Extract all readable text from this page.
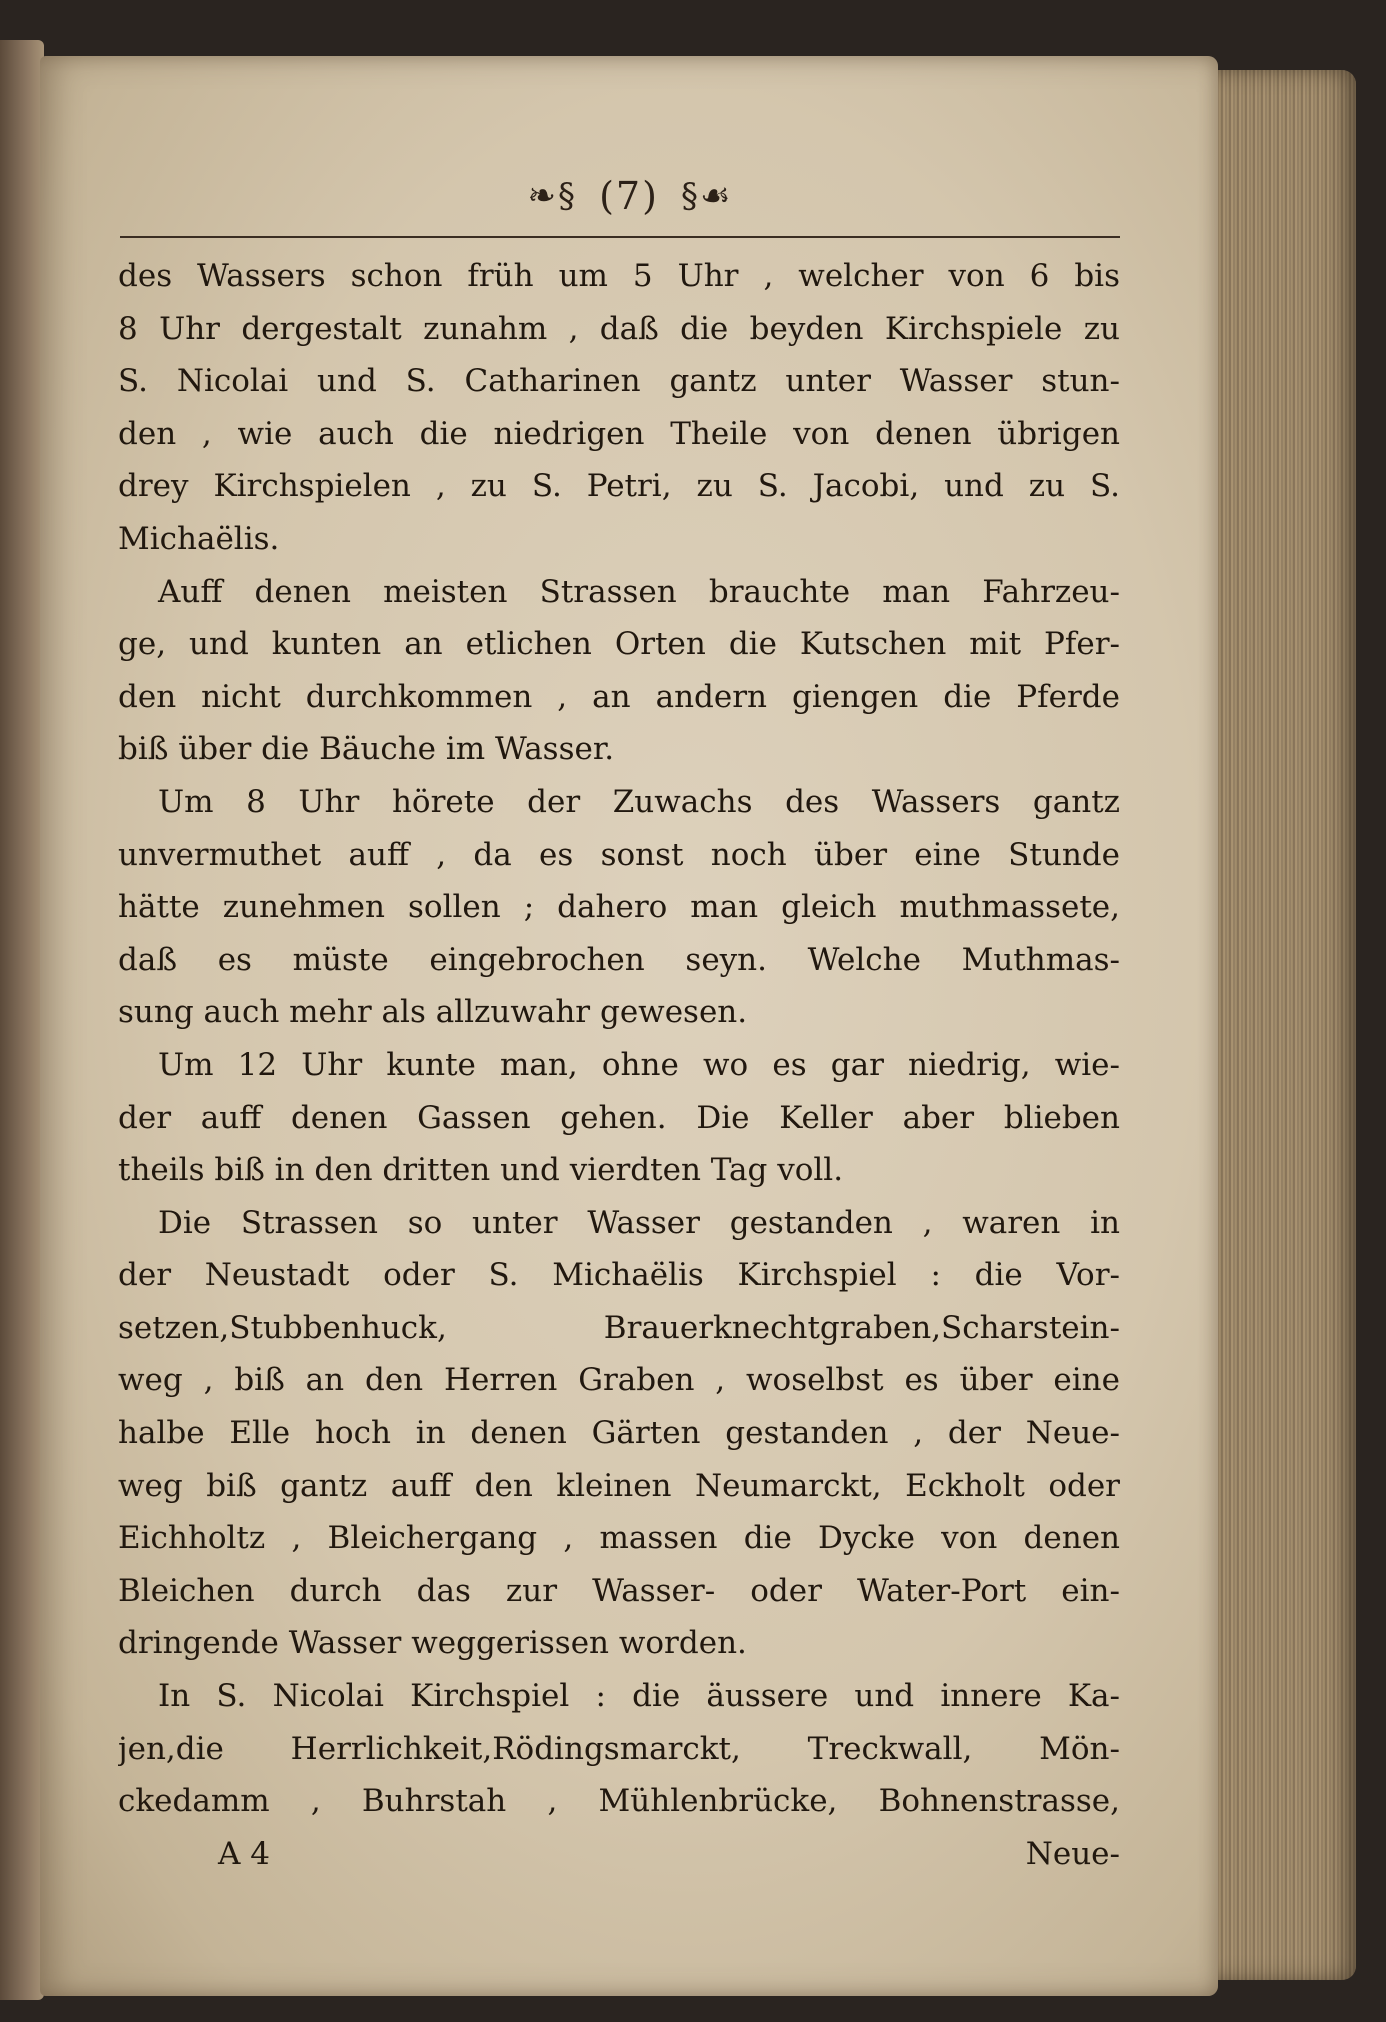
❧§ (7) §☙
des Wassers schon früh um 5 Uhr , welcher von 6 bis
8 Uhr dergestalt zunahm , daß die beyden Kirchspiele zu
S. Nicolai und S. Catharinen gantz unter Wasser stun-
den , wie auch die niedrigen Theile von denen übrigen
drey Kirchspielen , zu S. Petri, zu S. Jacobi, und zu S.
Michaëlis.
Auff denen meisten Strassen brauchte man Fahrzeu-
ge, und kunten an etlichen Orten die Kutschen mit Pfer-
den nicht durchkommen , an andern giengen die Pferde
biß über die Bäuche im Wasser.
Um 8 Uhr hörete der Zuwachs des Wassers gantz
unvermuthet auff , da es sonst noch über eine Stunde
hätte zunehmen sollen ; dahero man gleich muthmassete,
daß es müste eingebrochen seyn. Welche Muthmas-
sung auch mehr als allzuwahr gewesen.
Um 12 Uhr kunte man, ohne wo es gar niedrig, wie-
der auff denen Gassen gehen. Die Keller aber blieben
theils biß in den dritten und vierdten Tag voll.
Die Strassen so unter Wasser gestanden , waren in
der Neustadt oder S. Michaëlis Kirchspiel : die Vor-
setzen,Stubbenhuck, Brauerknechtgraben,Scharstein-
weg , biß an den Herren Graben , woselbst es über eine
halbe Elle hoch in denen Gärten gestanden , der Neue-
weg biß gantz auff den kleinen Neumarckt, Eckholt oder
Eichholtz , Bleichergang , massen die Dycke von denen
Bleichen durch das zur Wasser- oder Water-Port ein-
dringende Wasser weggerissen worden.
In S. Nicolai Kirchspiel : die äussere und innere Ka-
jen,die Herrlichkeit,Rödingsmarckt, Treckwall, Mön-
ckedamm , Buhrstah , Mühlenbrücke, Bohnenstrasse,
A 4	Neue-
